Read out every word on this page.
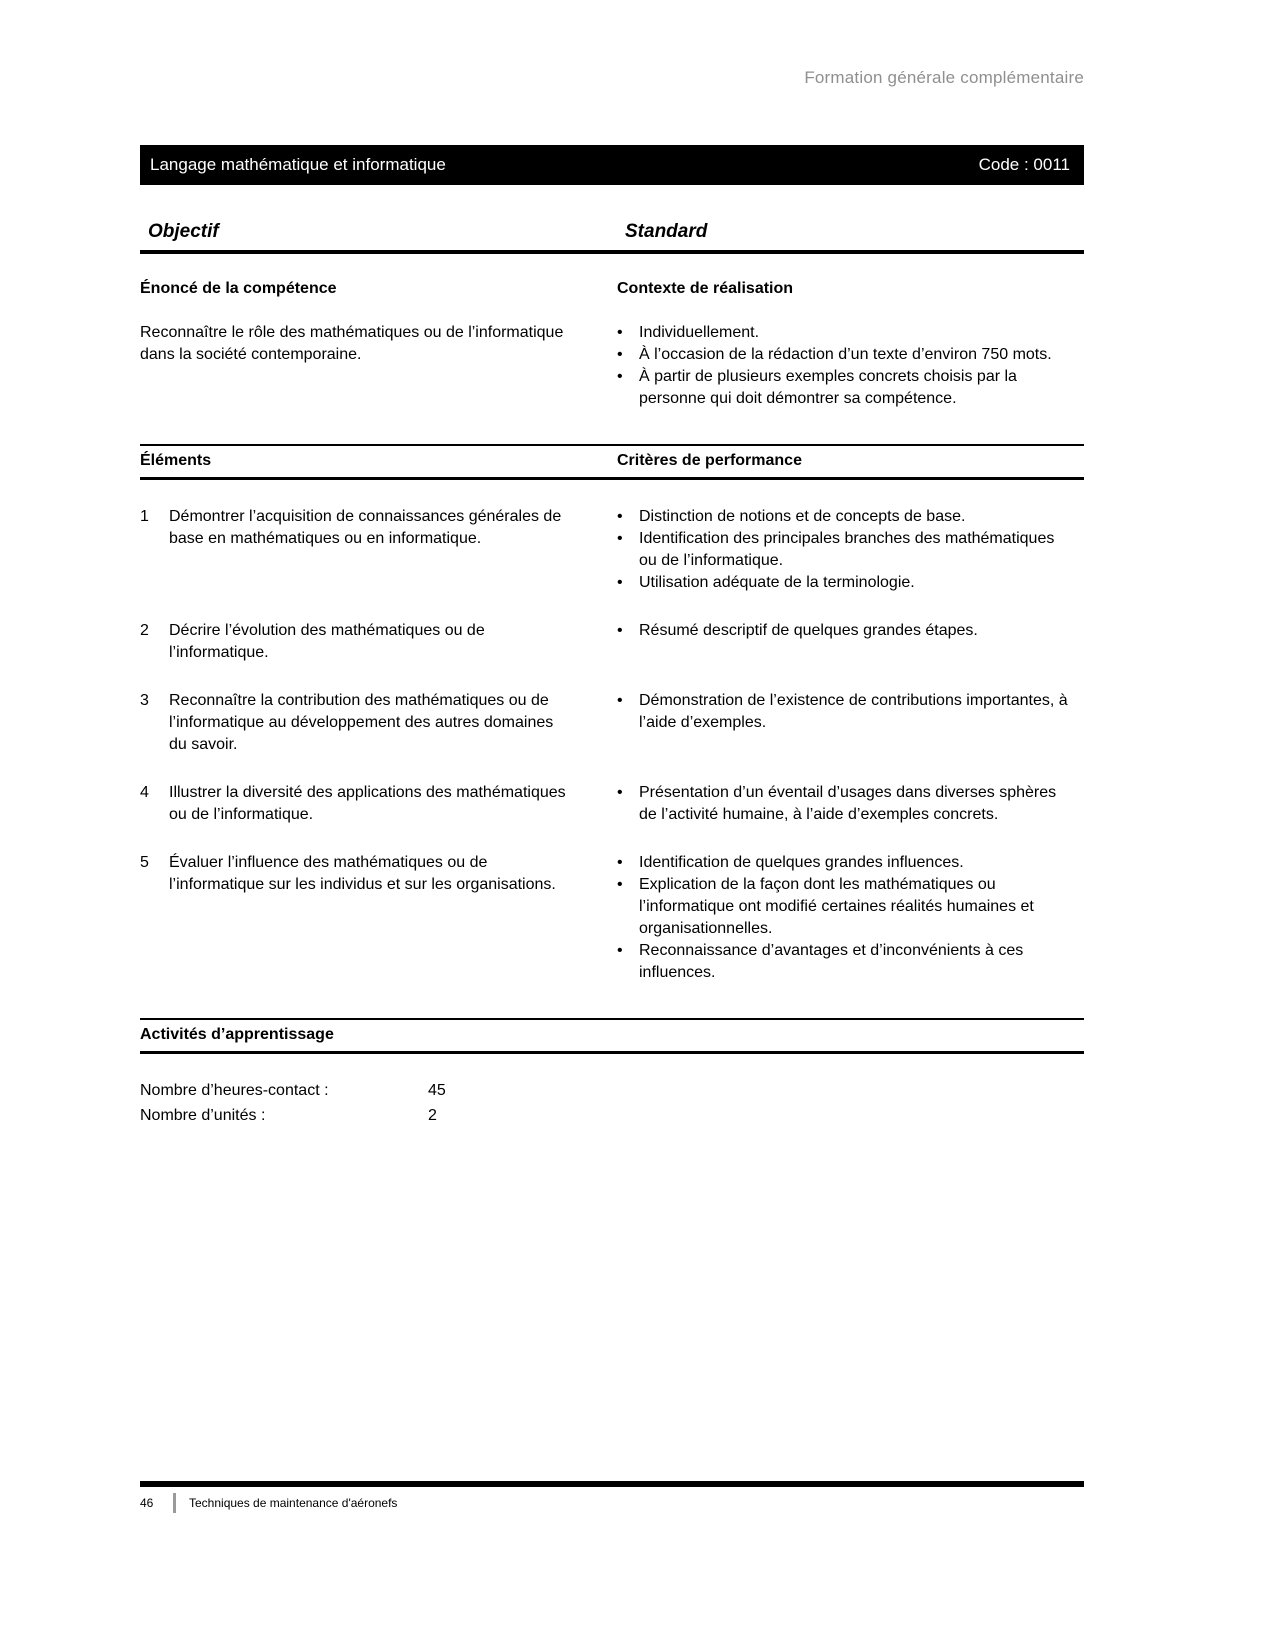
Formation générale complémentaire
Langage mathématique et informatique	Code : 0011
Objectif	Standard
Énoncé de la compétence

Reconnaître le rôle des mathématiques ou de l’informatique dans la société contemporaine.

Contexte de réalisation
•	Individuellement.
•	À l’occasion de la rédaction d’un texte d’environ 750 mots.
•	À partir de plusieurs exemples concrets choisis par la personne qui doit démontrer sa compétence.
Éléments	Critères de performance
1	Démontrer l’acquisition de connaissances générales de base en mathématiques ou en informatique.
•	Distinction de notions et de concepts de base.
•	Identification des principales branches des mathématiques ou de l’informatique.
•	Utilisation adéquate de la terminologie.
2	Décrire l’évolution des mathématiques ou de l’informatique.
•	Résumé descriptif de quelques grandes étapes.
3	Reconnaître la contribution des mathématiques ou de l’informatique au développement des autres domaines du savoir.
•	Démonstration de l’existence de contributions importantes, à l’aide d’exemples.
4	Illustrer la diversité des applications des mathématiques ou de l’informatique.
•	Présentation d’un éventail d’usages dans diverses sphères de l’activité humaine, à l’aide d’exemples concrets.
5	Évaluer l’influence des mathématiques ou de l’informatique sur les individus et sur les organisations.
•	Identification de quelques grandes influences.
•	Explication de la façon dont les mathématiques ou l’informatique ont modifié certaines réalités humaines et organisationnelles.
•	Reconnaissance d’avantages et d’inconvénients à ces influences.
Activités d’apprentissage
Nombre d’heures-contact :	45
Nombre d’unités :	2
46	Techniques de maintenance d'aéronefs
